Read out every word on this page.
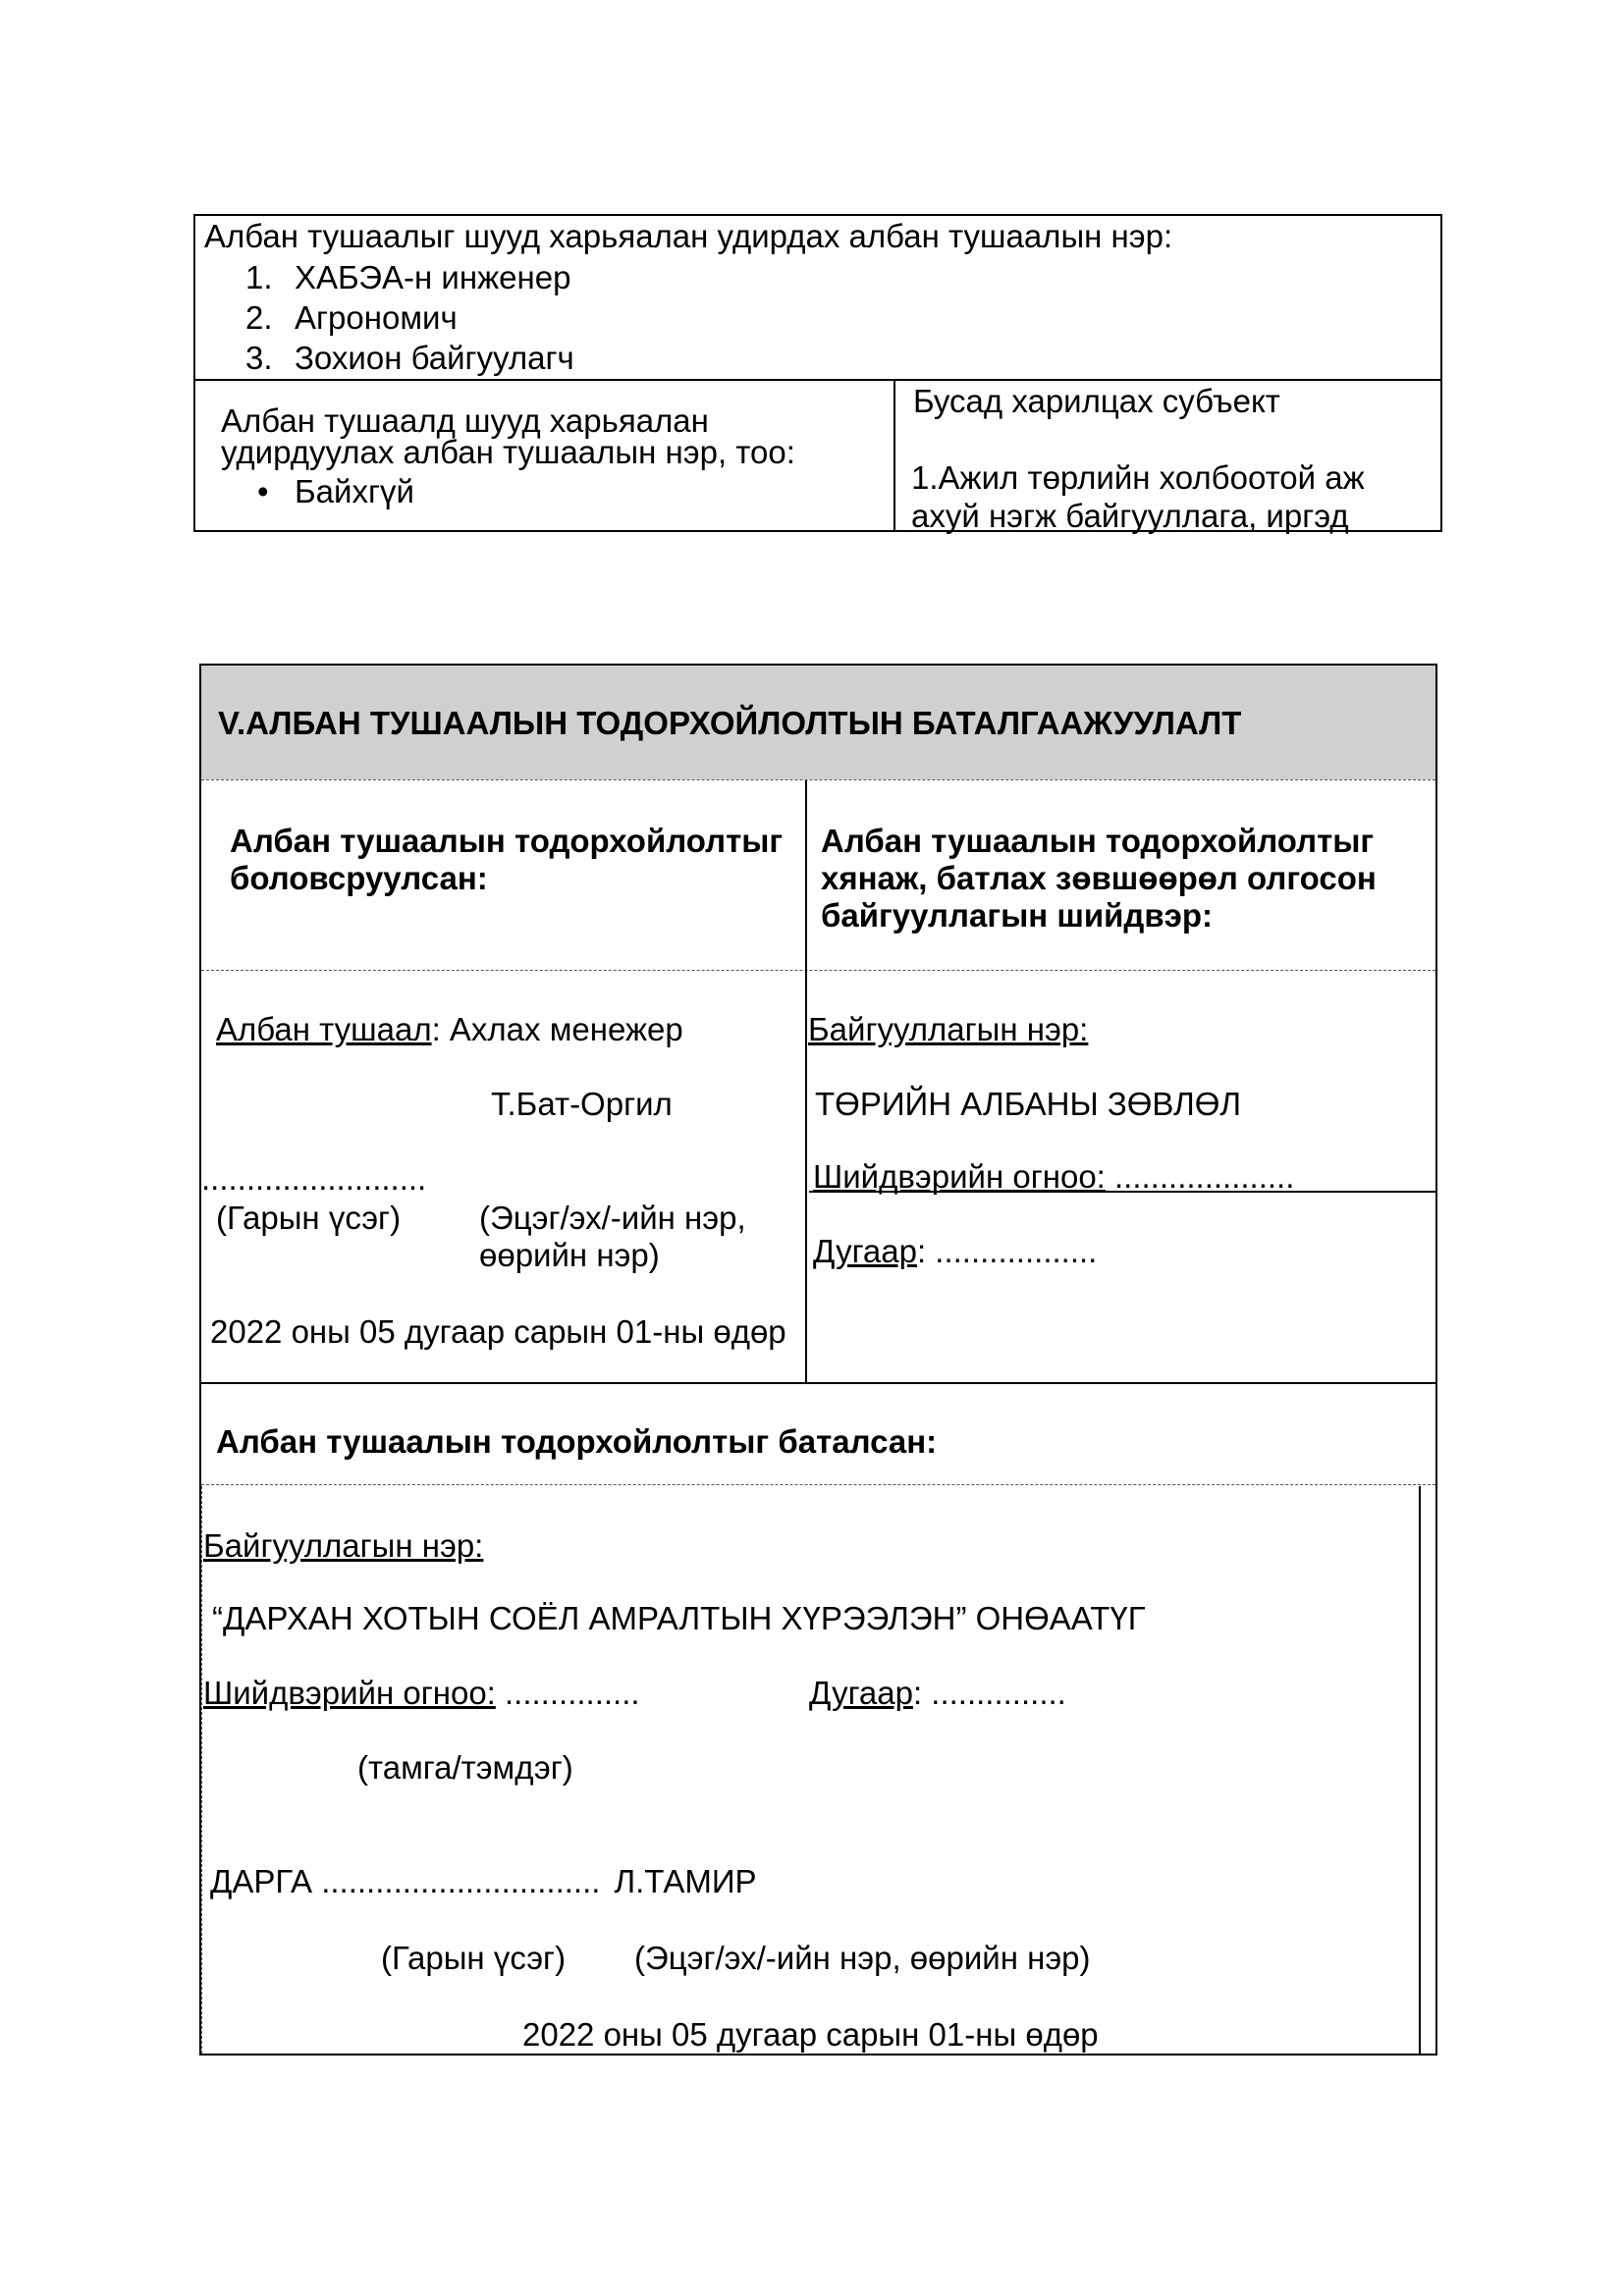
Албан тушаалыг шууд харьяалан удирдах албан тушаалын нэр:
1. ХАБЭА-н инженер
2. Агрономич
3. Зохион байгуулагч
Албан тушаалд шууд харьяалан
удирдуулах албан тушаалын нэр, тоо:
• Байхгүй
Бусад харилцах субъект
1.Ажил төрлийн холбоотой аж
ахуй нэгж байгууллага, иргэд
V.АЛБАН ТУШААЛЫН ТОДОРХОЙЛОЛТЫН БАТАЛГААЖУУЛАЛТ
Албан тушаалын тодорхойлолтыг
боловсруулсан:
Албан тушаалын тодорхойлолтыг
хянаж, батлах зөвшөөрөл олгосон
байгууллагын шийдвэр:
Албан тушаал: Ахлах менежер
Т.Бат-Оргил
.........................
(Гарын үсэг) (Эцэг/эх/-ийн нэр,
өөрийн нэр)
2022 оны 05 дугаар сарын 01-ны өдөр
Байгууллагын нэр:
ТӨРИЙН АЛБАНЫ ЗӨВЛӨЛ
Шийдвэрийн огноо: ....................
Дугаар: ..................
Албан тушаалын тодорхойлолтыг баталсан:
Байгууллагын нэр:
“ДАРХАН ХОТЫН СОЁЛ АМРАЛТЫН ХҮРЭЭЛЭН” ОНӨААТҮГ
Шийдвэрийн огноо: ...............	Дугаар: ...............
(тамга/тэмдэг)
ДАРГА ............................... Л.ТАМИР
(Гарын үсэг) (Эцэг/эх/-ийн нэр, өөрийн нэр)
2022 оны 05 дугаар сарын 01-ны өдөр
